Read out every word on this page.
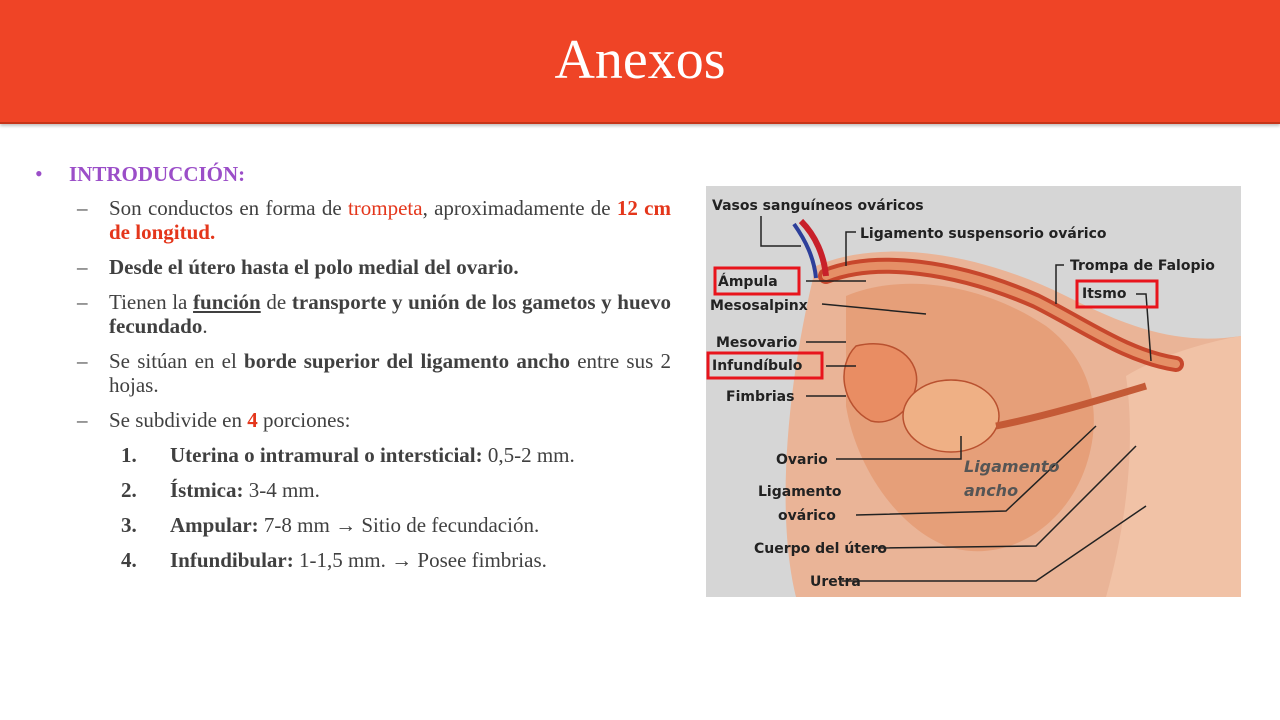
Anexos
• INTRODUCCIÓN:
– Son conductos en forma de trompeta, aproximadamente de 12 cm de longitud.
– Desde el útero hasta el polo medial del ovario.
– Tienen la función de transporte y unión de los gametos y huevo fecundado.
– Se sitúan en el borde superior del ligamento ancho entre sus 2 hojas.
– Se subdivide en 4 porciones:
1. Uterina o intramural o intersticial: 0,5-2 mm.
2. Ístmica: 3-4 mm.
3. Ampular: 7-8 mm → Sitio de fecundación.
4. Infundibular: 1-1,5 mm. → Posee fimbrias.
Vasos sanguíneos ováricos
Ligamento suspensorio ovárico
Trompa de Falopio
Ámpula
Itsmo
Mesosalpinx
Mesovario
Infundíbulo
Fimbrias
Ovario	Ligamento
ancho
Ligamento
ovárico
Cuerpo del útero
Uretra
